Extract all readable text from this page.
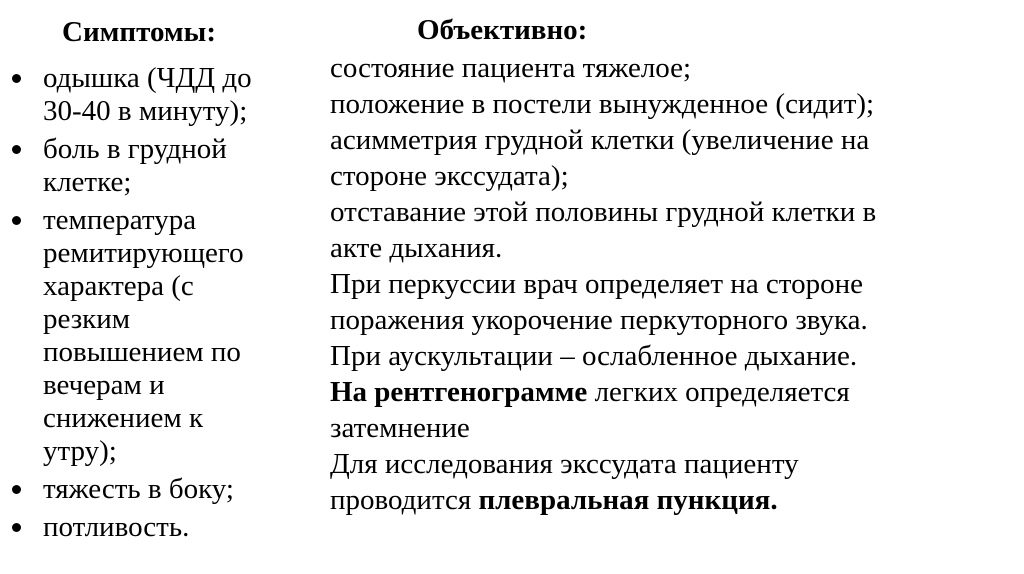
Симптомы:
одышка (ЧДД до
30-40 в минуту);
боль в грудной
клетке;
температура
ремитирующего
характера (с
резким
повышением по
вечерам и
снижением к
утру);
тяжесть в боку;
потливость.
Объективно:
состояние пациента тяжелое;
положение в постели вынужденное (сидит);
асимметрия грудной клетки (увеличение на
стороне экссудата);
отставание этой половины грудной клетки в
акте дыхания.
При перкуссии врач определяет на стороне
поражения укорочение перкуторного звука.
При аускультации – ослабленное дыхание.
На рентгенограмме легких определяется
затемнение
Для исследования экссудата пациенту
проводится плевральная пункция.
